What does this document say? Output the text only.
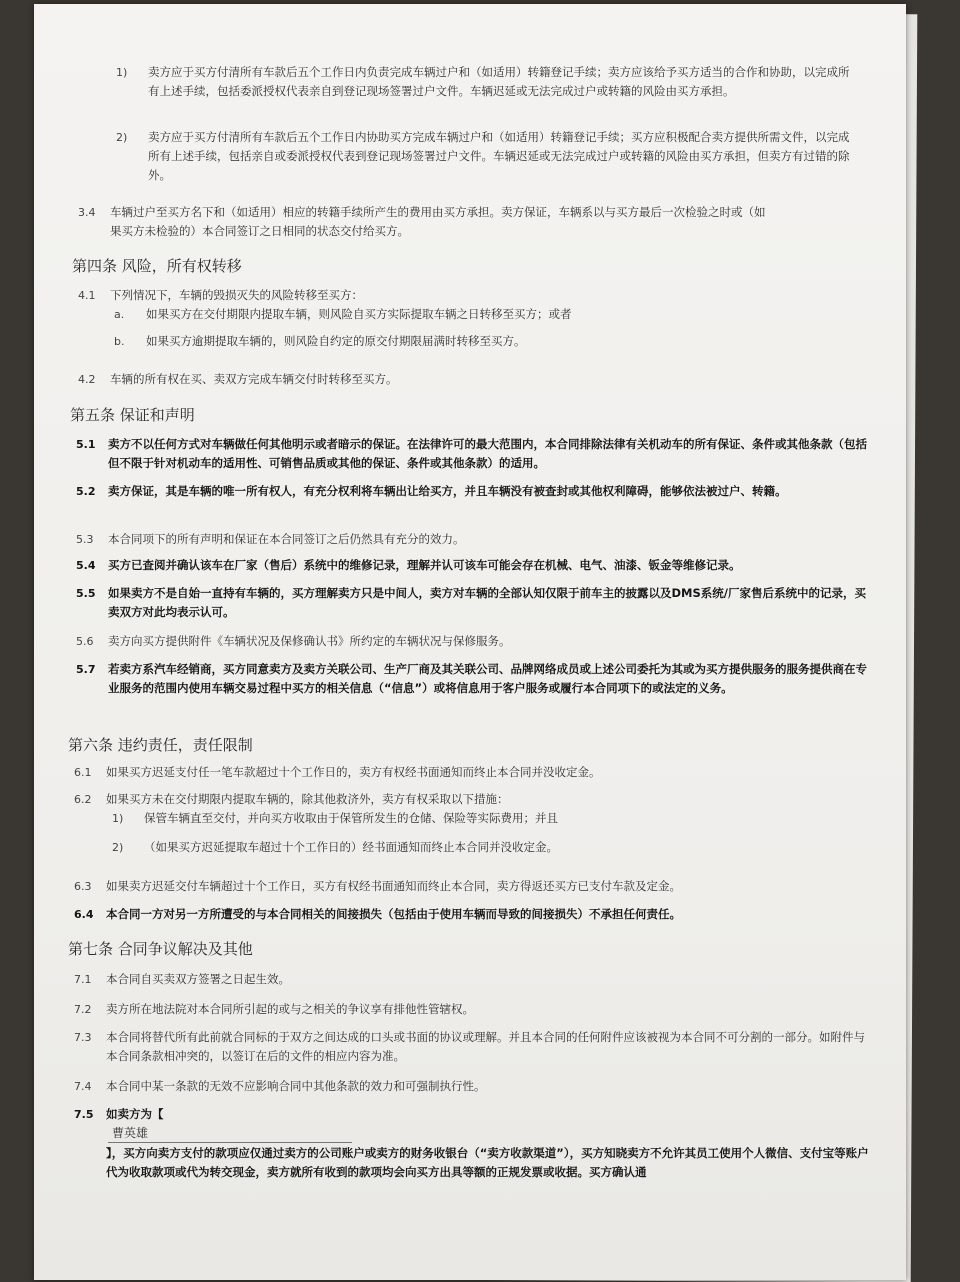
1) 卖方应于买方付清所有车款后五个工作日内负责完成车辆过户和（如适用）转籍登记手续；卖方应该给予买方适当的合作和协助，以完成所有上述手续，包括委派授权代表亲自到登记现场签署过户文件。车辆迟延或无法完成过户或转籍的风险由买方承担。
2) 卖方应于买方付清所有车款后五个工作日内协助买方完成车辆过户和（如适用）转籍登记手续；买方应积极配合卖方提供所需文件，以完成所有上述手续，包括亲自或委派授权代表到登记现场签署过户文件。车辆迟延或无法完成过户或转籍的风险由买方承担，但卖方有过错的除外。
3.4 车辆过户至买方名下和（如适用）相应的转籍手续所产生的费用由买方承担。卖方保证，车辆系以与买方最后一次检验之时或（如果买方未检验的）本合同签订之日相同的状态交付给买方。
第四条 风险，所有权转移
4.1 下列情况下，车辆的毁损灭失的风险转移至买方：
a. 如果买方在交付期限内提取车辆，则风险自买方实际提取车辆之日转移至买方；或者
b. 如果买方逾期提取车辆的，则风险自约定的原交付期限届满时转移至买方。
4.2 车辆的所有权在买、卖双方完成车辆交付时转移至买方。
第五条 保证和声明
5.1 卖方不以任何方式对车辆做任何其他明示或者暗示的保证。在法律许可的最大范围内，本合同排除法律有关机动车的所有保证、条件或其他条款（包括但不限于针对机动车的适用性、可销售品质或其他的保证、条件或其他条款）的适用。
5.2 卖方保证，其是车辆的唯一所有权人，有充分权利将车辆出让给买方，并且车辆没有被查封或其他权利障碍，能够依法被过户、转籍。
5.3 本合同项下的所有声明和保证在本合同签订之后仍然具有充分的效力。
5.4 买方已查阅并确认该车在厂家（售后）系统中的维修记录，理解并认可该车可能会存在机械、电气、油漆、钣金等维修记录。
5.5 如果卖方不是自始一直持有车辆的，买方理解卖方只是中间人，卖方对车辆的全部认知仅限于前车主的披露以及DMS系统/厂家售后系统中的记录，买卖双方对此均表示认可。
5.6 卖方向买方提供附件《车辆状况及保修确认书》所约定的车辆状况与保修服务。
5.7 若卖方系汽车经销商，买方同意卖方及卖方关联公司、生产厂商及其关联公司、品牌网络成员或上述公司委托为其或为买方提供服务的服务提供商在专业服务的范围内使用车辆交易过程中买方的相关信息（“信息”）或将信息用于客户服务或履行本合同项下的或法定的义务。
第六条 违约责任，责任限制
6.1 如果买方迟延支付任一笔车款超过十个工作日的，卖方有权经书面通知而终止本合同并没收定金。
6.2 如果买方未在交付期限内提取车辆的，除其他救济外，卖方有权采取以下措施：
1) 保管车辆直至交付，并向买方收取由于保管所发生的仓储、保险等实际费用；并且
2) （如果买方迟延提取车超过十个工作日的）经书面通知而终止本合同并没收定金。
6.3 如果卖方迟延交付车辆超过十个工作日，买方有权经书面通知而终止本合同，卖方得返还买方已支付车款及定金。
6.4 本合同一方对另一方所遭受的与本合同相关的间接损失（包括由于使用车辆而导致的间接损失）不承担任何责任。
第七条 合同争议解决及其他
7.1 本合同自买卖双方签署之日起生效。
7.2 卖方所在地法院对本合同所引起的或与之相关的争议享有排他性管辖权。
7.3 本合同将替代所有此前就合同标的于双方之间达成的口头或书面的协议或理解。并且本合同的任何附件应该被视为本合同不可分割的一部分。如附件与本合同条款相冲突的，以签订在后的文件的相应内容为准。
7.4 本合同中某一条款的无效不应影响合同中其他条款的效力和可强制执行性。
7.5 如卖方为【
曹英雄
】，买方向卖方支付的款项应仅通过卖方的公司账户或卖方的财务收银台（“卖方收款渠道”），买方知晓卖方不允许其员工使用个人微信、支付宝等账户代为收取款项或代为转交现金，卖方就所有收到的款项均会向买方出具等额的正规发票或收据。买方确认通
